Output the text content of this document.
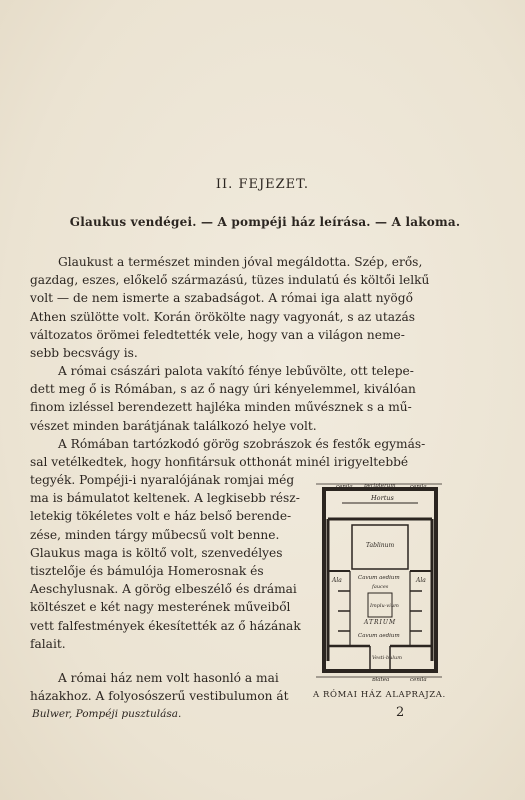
II. FEJEZET.
Glaukus vendégei. — A pompéji ház leírása. — A lakoma.

Glaukust a természet minden jóval megáldotta. Szép, erős,
gazdag, eszes, előkelő származású, tüzes indulatú és költői lelkű
volt — de nem ismerte a szabadságot. A római iga alatt nyögő
Athen szülötte volt. Korán örökölte nagy vagyonát, s az utazás
változatos örömei feledtették vele, hogy van a világon neme-
sebb becsvágy is.

A római császári palota vakító fénye lebűvölte, ott telepe-
dett meg ő is Rómában, s az ő nagy úri kényelemmel, kiválóan
finom izléssel berendezett hajléka minden művésznek s a mű-
vészet minden barátjának találkozó helye volt.

A Rómában tartózkodó görög szobrászok és festők egymás-
sal vetélkedtek, hogy honfitársuk otthonát minél irigyeltebbé

tegyék. Pompéji-i nyaralójának romjai még
ma is bámulatot keltenek. A legkisebb rész-
letekig tökéletes volt e ház belső berende-
zése, minden tárgy műbecsű volt benne.
Glaukus maga is költő volt, szenvedélyes
tisztelője és bámulója Homerosnak és
Aeschylusnak. A görög elbeszélő és drámai
költészet e két nagy mesterének műveiből
vett falfestmények ékesítették az ő házának
falait.

A római ház nem volt hasonló a mai
házakhoz. A folyosószerű vestibulumon át

cenila peripterum	cenila
Hortus
Tablinum
Ala	Ala
Cavum aedium
fauces
Implu-vium
ATRIUM
Cavum aedium
Vesti-bulum
platea	cenila
A RÓMAI HÁZ ALAPRAJZA.
Bulwer, Pompéji pusztulása.	2
